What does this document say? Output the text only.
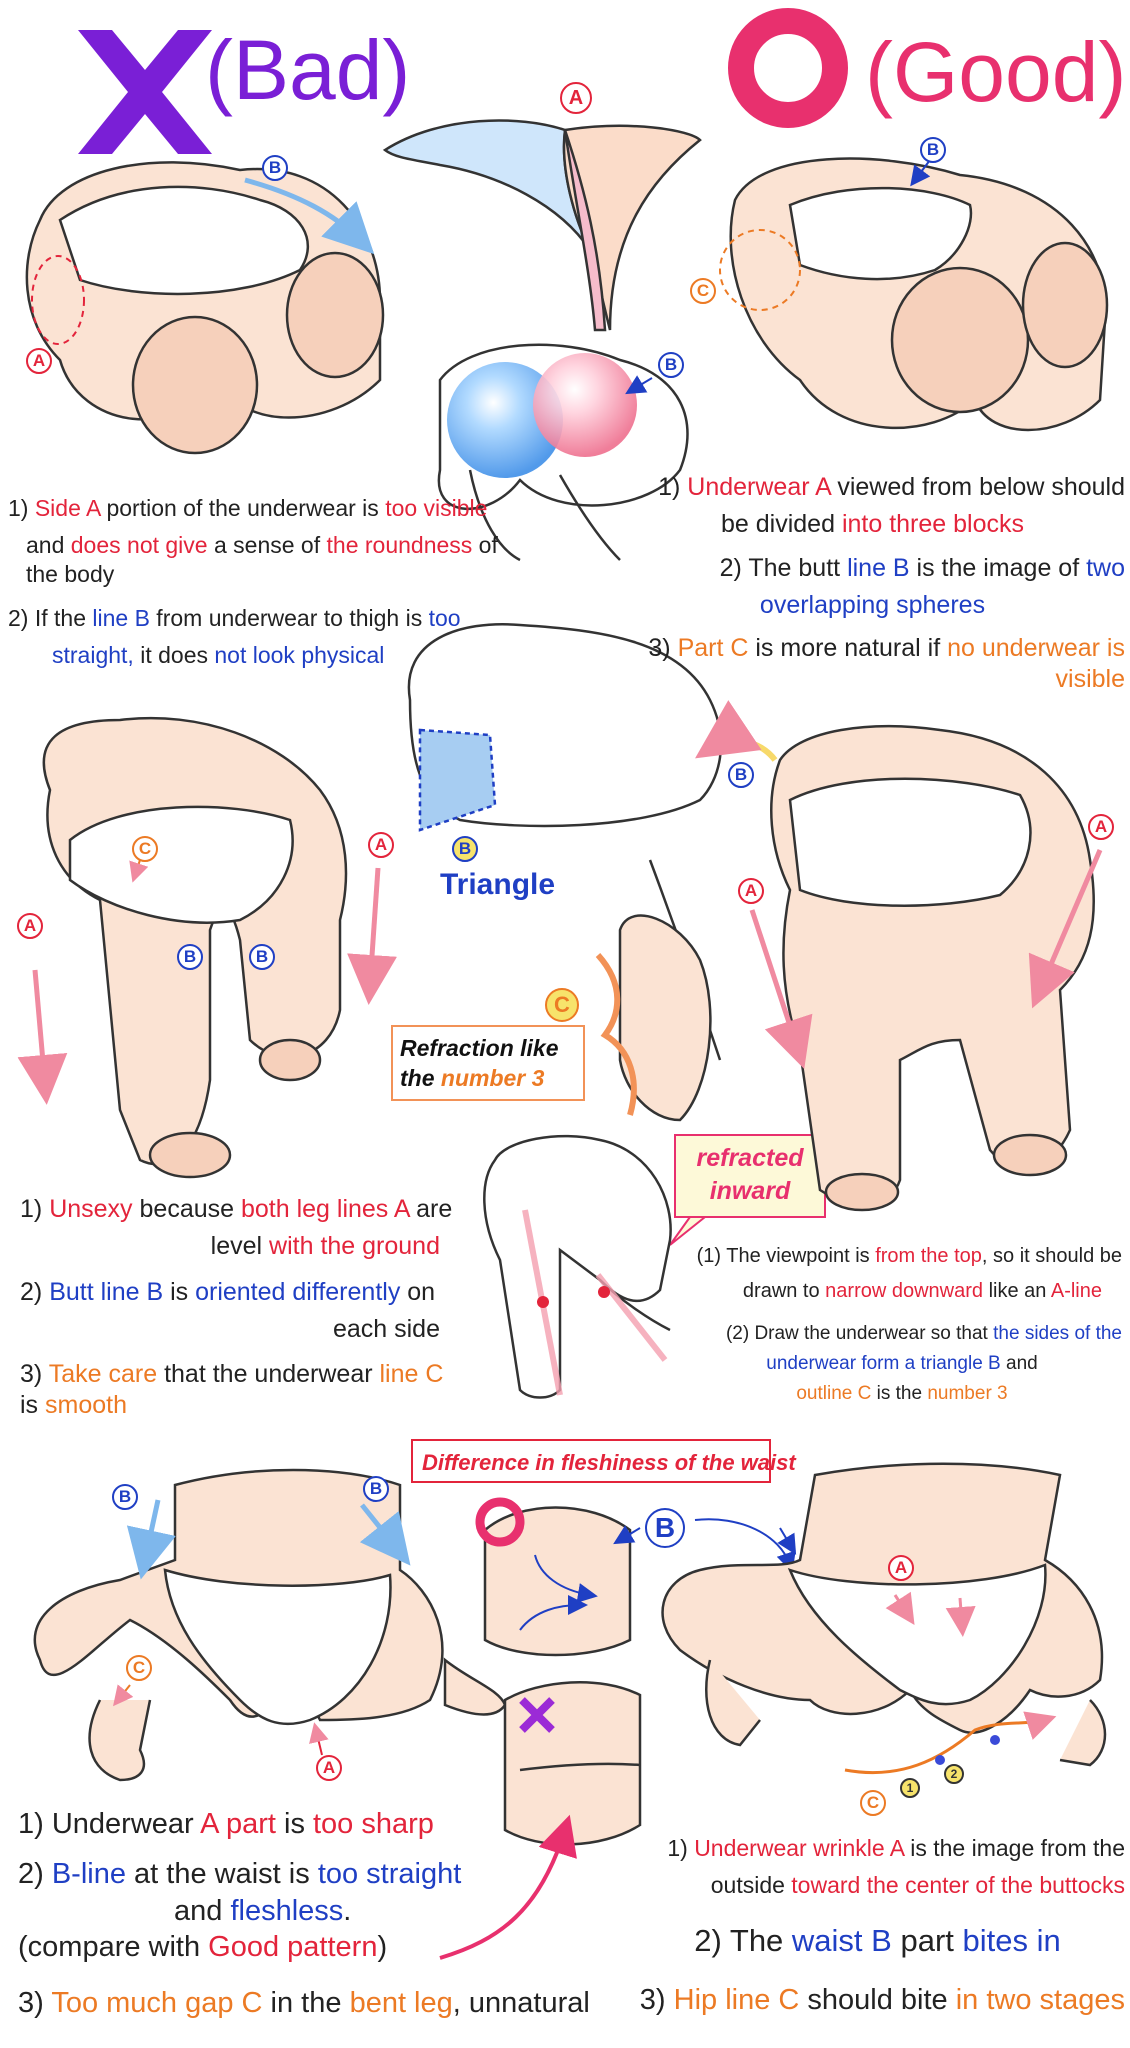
(Bad)	(Good)
A
B
A
B
B
C
C
A
A
B	B
B
B
C
A
A
B	B
C
A
B
A
C
1
2
Triangle
Refraction like
the number 3
refracted
inward
Difference in fleshiness of the waist
1) Side A portion of the underwear is too visible
and does not give a sense of the roundness of the body
2) If the line B from underwear to thigh is too
straight, it does not look physical
1) Underwear A viewed from below should
be divided into three blocks
2) The butt line B is the image of two
overlapping spheres
3) Part C is more natural if no underwear is visible
1) Unsexy because both leg lines A are
level with the ground
2) Butt line B is oriented differently on
each side
3) Take care that the underwear line C is smooth
(1) The viewpoint is from the top, so it should be
drawn to narrow downward like an A-line
(2) Draw the underwear so that the sides of the
underwear form a triangle B and
outline C is the number 3
1) Underwear A part is too sharp
2) B-line at the waist is too straight
and fleshless.
(compare with Good pattern)
3) Too much gap C in the bent leg, unnatural
1) Underwear wrinkle A is the image from the
outside toward the center of the buttocks
2) The waist B part bites in
3) Hip line C should bite in two stages
